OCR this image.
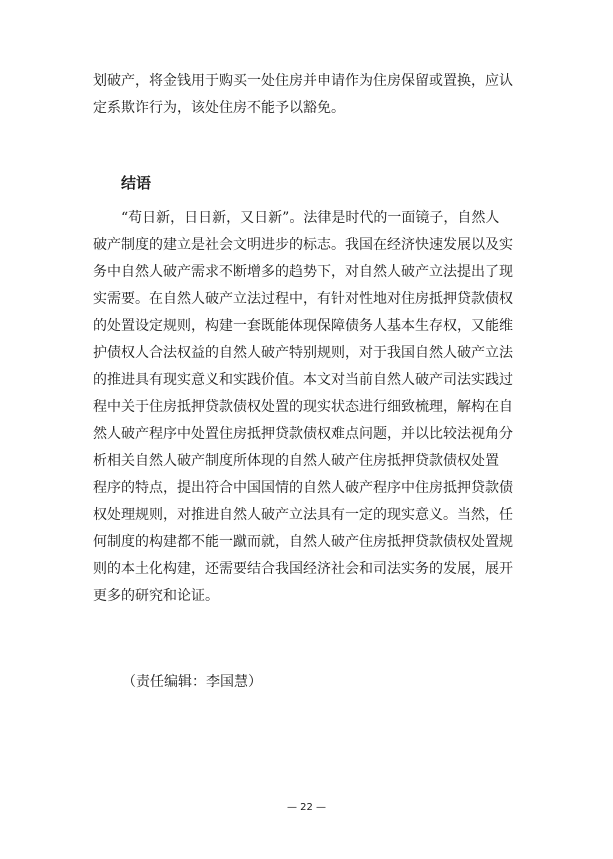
划破产，将金钱用于购买一处住房并申请作为住房保留或置换，应认
定系欺诈行为，该处住房不能予以豁免。
结语
“苟日新，日日新，又日新”。法律是时代的一面镜子，自然人
破产制度的建立是社会文明进步的标志。我国在经济快速发展以及实
务中自然人破产需求不断增多的趋势下，对自然人破产立法提出了现
实需要。在自然人破产立法过程中，有针对性地对住房抵押贷款债权
的处置设定规则，构建一套既能体现保障债务人基本生存权，又能维
护债权人合法权益的自然人破产特别规则，对于我国自然人破产立法
的推进具有现实意义和实践价值。本文对当前自然人破产司法实践过
程中关于住房抵押贷款债权处置的现实状态进行细致梳理，解构在自
然人破产程序中处置住房抵押贷款债权难点问题，并以比较法视角分
析相关自然人破产制度所体现的自然人破产住房抵押贷款债权处置
程序的特点，提出符合中国国情的自然人破产程序中住房抵押贷款债
权处理规则，对推进自然人破产立法具有一定的现实意义。当然，任
何制度的构建都不能一蹴而就，自然人破产住房抵押贷款债权处置规
则的本土化构建，还需要结合我国经济社会和司法实务的发展，展开
更多的研究和论证。
（责任编辑：李国慧）
— 22 —
